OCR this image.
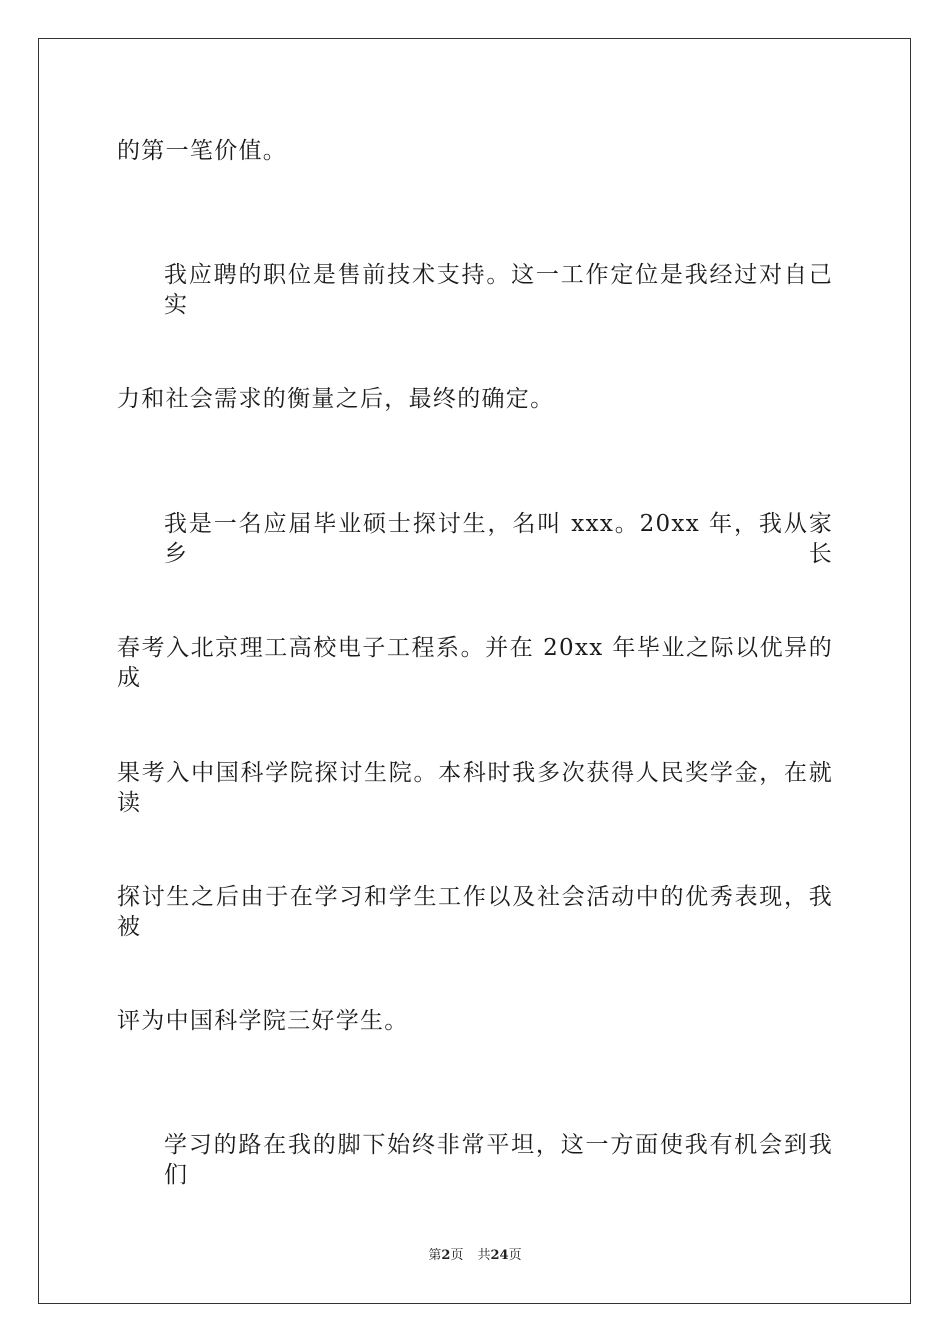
的第一笔价值。
我应聘的职位是售前技术支持。这一工作定位是我经过对自己实
力和社会需求的衡量之后，最终的确定。
我是一名应届毕业硕士探讨生，名叫 xxx。20xx 年，我从家乡长
春考入北京理工高校电子工程系。并在 20xx 年毕业之际以优异的成
果考入中国科学院探讨生院。本科时我多次获得人民奖学金，在就读
探讨生之后由于在学习和学生工作以及社会活动中的优秀表现，我被
评为中国科学院三好学生。
学习的路在我的脚下始终非常平坦，这一方面使我有机会到我们
第2页 共24页
